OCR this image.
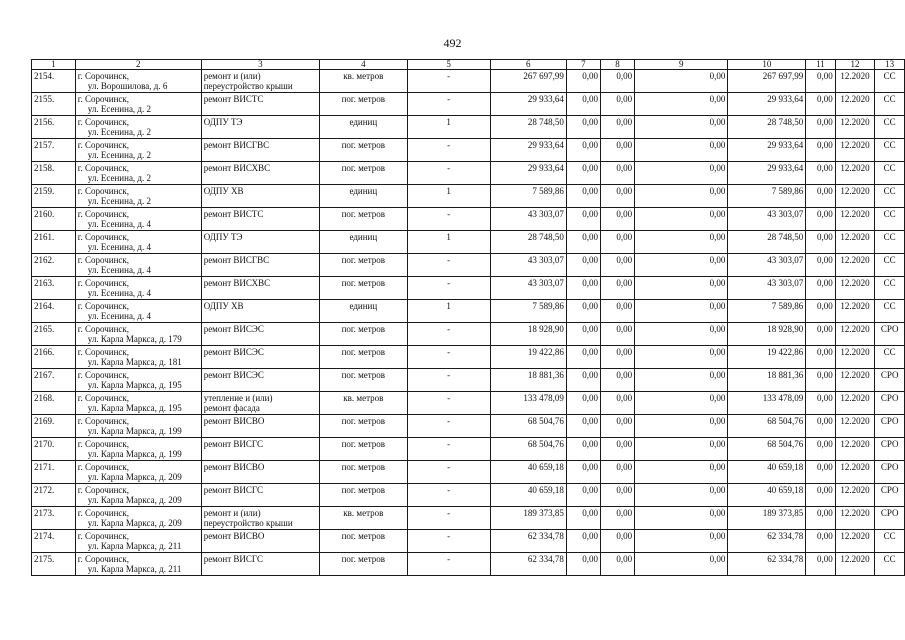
492
1	2	3	4	5	6	7	8	9	10	11	12	13
2154.	г. Сорочинск,
ул. Ворошилова, д. 6	ремонт и (или)
переустройство крыши	кв. метров	-	267 697,99	0,00	0,00	0,00	267 697,99	0,00	12.2020	СС
2155.	г. Сорочинск,
ул. Есенина, д. 2	ремонт ВИСТС	пог. метров	-	29 933,64	0,00	0,00	0,00	29 933,64	0,00	12.2020	СС
2156.	г. Сорочинск,
ул. Есенина, д. 2	ОДПУ ТЭ	единиц	1	28 748,50	0,00	0,00	0,00	28 748,50	0,00	12.2020	СС
2157.	г. Сорочинск,
ул. Есенина, д. 2	ремонт ВИСГВС	пог. метров	-	29 933,64	0,00	0,00	0,00	29 933,64	0,00	12.2020	СС
2158.	г. Сорочинск,
ул. Есенина, д. 2	ремонт ВИСХВС	пог. метров	-	29 933,64	0,00	0,00	0,00	29 933,64	0,00	12.2020	СС
2159.	г. Сорочинск,
ул. Есенина, д. 2	ОДПУ ХВ	единиц	1	7 589,86	0,00	0,00	0,00	7 589,86	0,00	12.2020	СС
2160.	г. Сорочинск,
ул. Есенина, д. 4	ремонт ВИСТС	пог. метров	-	43 303,07	0,00	0,00	0,00	43 303,07	0,00	12.2020	СС
2161.	г. Сорочинск,
ул. Есенина, д. 4	ОДПУ ТЭ	единиц	1	28 748,50	0,00	0,00	0,00	28 748,50	0,00	12.2020	СС
2162.	г. Сорочинск,
ул. Есенина, д. 4	ремонт ВИСГВС	пог. метров	-	43 303,07	0,00	0,00	0,00	43 303,07	0,00	12.2020	СС
2163.	г. Сорочинск,
ул. Есенина, д. 4	ремонт ВИСХВС	пог. метров	-	43 303,07	0,00	0,00	0,00	43 303,07	0,00	12.2020	СС
2164.	г. Сорочинск,
ул. Есенина, д. 4	ОДПУ ХВ	единиц	1	7 589,86	0,00	0,00	0,00	7 589,86	0,00	12.2020	СС
2165.	г. Сорочинск,
ул. Карла Маркса, д. 179	ремонт ВИСЭС	пог. метров	-	18 928,90	0,00	0,00	0,00	18 928,90	0,00	12.2020	СРО
2166.	г. Сорочинск,
ул. Карла Маркса, д. 181	ремонт ВИСЭС	пог. метров	-	19 422,86	0,00	0,00	0,00	19 422,86	0,00	12.2020	СС
2167.	г. Сорочинск,
ул. Карла Маркса, д. 195	ремонт ВИСЭС	пог. метров	-	18 881,36	0,00	0,00	0,00	18 881,36	0,00	12.2020	СРО
2168.	г. Сорочинск,
ул. Карла Маркса, д. 195	утепление и (или)
ремонт фасада	кв. метров	-	133 478,09	0,00	0,00	0,00	133 478,09	0,00	12.2020	СРО
2169.	г. Сорочинск,
ул. Карла Маркса, д. 199	ремонт ВИСВО	пог. метров	-	68 504,76	0,00	0,00	0,00	68 504,76	0,00	12.2020	СРО
2170.	г. Сорочинск,
ул. Карла Маркса, д. 199	ремонт ВИСГС	пог. метров	-	68 504,76	0,00	0,00	0,00	68 504,76	0,00	12.2020	СРО
2171.	г. Сорочинск,
ул. Карла Маркса, д. 209	ремонт ВИСВО	пог. метров	-	40 659,18	0,00	0,00	0,00	40 659,18	0,00	12.2020	СРО
2172.	г. Сорочинск,
ул. Карла Маркса, д. 209	ремонт ВИСГС	пог. метров	-	40 659,18	0,00	0,00	0,00	40 659,18	0,00	12.2020	СРО
2173.	г. Сорочинск,
ул. Карла Маркса, д. 209	ремонт и (или)
переустройство крыши	кв. метров	-	189 373,85	0,00	0,00	0,00	189 373,85	0,00	12.2020	СРО
2174.	г. Сорочинск,
ул. Карла Маркса, д. 211	ремонт ВИСВО	пог. метров	-	62 334,78	0,00	0,00	0,00	62 334,78	0,00	12.2020	СС
2175.	г. Сорочинск,
ул. Карла Маркса, д. 211	ремонт ВИСГС	пог. метров	-	62 334,78	0,00	0,00	0,00	62 334,78	0,00	12.2020	СС
